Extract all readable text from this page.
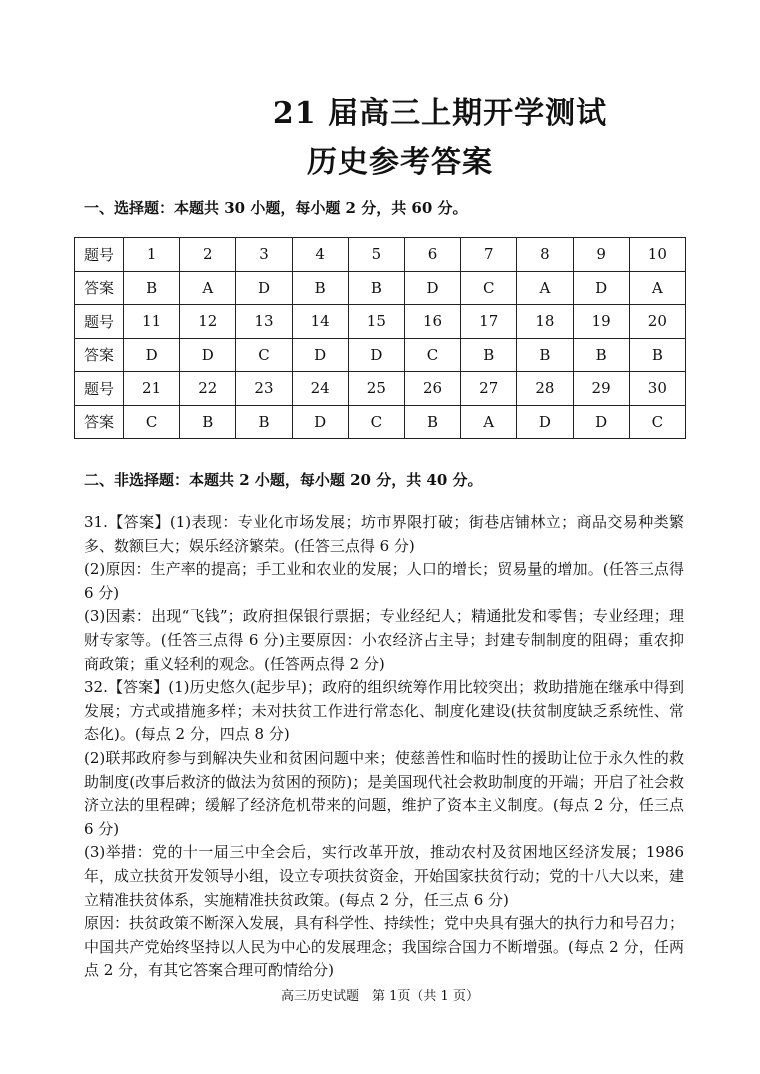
21 届高三上期开学测试
历史参考答案
一、选择题：本题共 30 小题，每小题 2 分，共 60 分。
题号	1	2	3	4	5	6	7	8	9	10
答案	B	A	D	B	B	D	C	A	D	A
题号	11	12	13	14	15	16	17	18	19	20
答案	D	D	C	D	D	C	B	B	B	B
题号	21	22	23	24	25	26	27	28	29	30
答案	C	B	B	D	C	B	A	D	D	C
二、非选择题：本题共 2 小题，每小题 20 分，共 40 分。

31.【答案】(1)表现：专业化市场发展；坊市界限打破；街巷店铺林立；商品交易种类繁多、数额巨大；娱乐经济繁荣。(任答三点得 6 分)

(2)原因：生产率的提高；手工业和农业的发展；人口的增长；贸易量的增加。(任答三点得 6 分)

(3)因素：出现“飞钱”；政府担保银行票据；专业经纪人；精通批发和零售；专业经理；理财专家等。(任答三点得 6 分)主要原因：小农经济占主导；封建专制制度的阻碍；重农抑商政策；重义轻利的观念。(任答两点得 2 分)

32.【答案】(1)历史悠久(起步早)；政府的组织统筹作用比较突出；救助措施在继承中得到发展；方式或措施多样；未对扶贫工作进行常态化、制度化建设(扶贫制度缺乏系统性、常态化)。(每点 2 分，四点 8 分)

(2)联邦政府参与到解决失业和贫困问题中来；使慈善性和临时性的援助让位于永久性的救助制度(改事后救济的做法为贫困的预防)；是美国现代社会救助制度的开端；开启了社会救济立法的里程碑；缓解了经济危机带来的问题，维护了资本主义制度。(每点 2 分，任三点 6 分)

(3)举措：党的十一届三中全会后，实行改革开放，推动农村及贫困地区经济发展；1986 年，成立扶贫开发领导小组，设立专项扶贫资金，开始国家扶贫行动；党的十八大以来，建立精准扶贫体系，实施精准扶贫政策。(每点 2 分，任三点 6 分)

原因：扶贫政策不断深入发展，具有科学性、持续性；党中央具有强大的执行力和号召力；中国共产党始终坚持以人民为中心的发展理念；我国综合国力不断增强。(每点 2 分，任两点 2 分，有其它答案合理可酌情给分)

高三历史试题　第 1页（共 1 页）
